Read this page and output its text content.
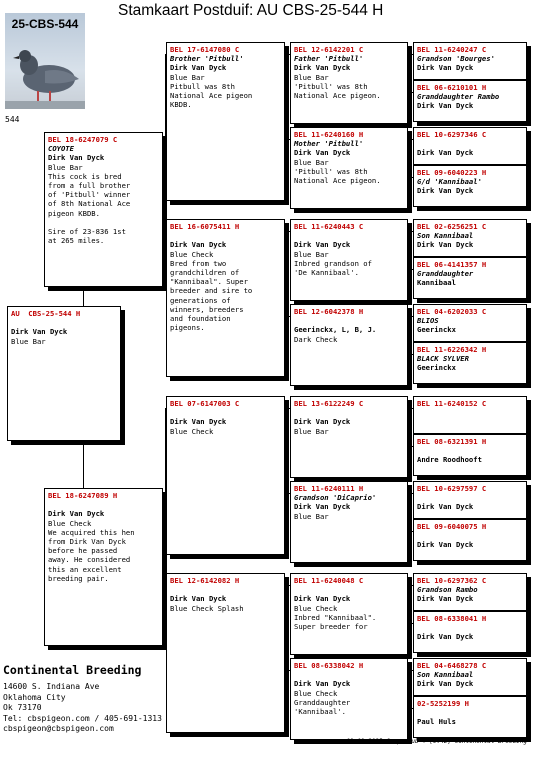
Stamkaart Postduif: AU CBS-25-544 H
25-CBS-544
544
AU  CBS-25-544 H

Dirk Van Dyck
Blue Bar
BEL 18-6247079 C
COYOTE
Dirk Van Dyck
Blue Bar
This cock is bred
from a full brother
of 'Pitbull' winner
of 8th National Ace
pigeon KBDB.

Sire of 23-836 1st
at 265 miles.
BEL 18-6247089 H

Dirk Van Dyck
Blue Check
We acquired this hen
from Dirk Van Dyck
before he passed
away. He considered
this an excellent
breeding pair.
BEL 17-6147080 C
Brother 'Pitbull'
Dirk Van Dyck
Blue Bar
Pitbull was 8th
National Ace pigeon
KBDB.
BEL 16-6075411 H

Dirk Van Dyck
Blue Check
Bred from two
grandchildren of
"Kannibaal". Super
breeder and sire to
generations of
winners, breeders
and foundation
pigeons.
BEL 07-6147003 C

Dirk Van Dyck
Blue Check
BEL 12-6142082 H

Dirk Van Dyck
Blue Check Splash
BEL 12-6142201 C
Father 'Pitbull'
Dirk Van Dyck
Blue Bar
'Pitbull' was 8th
National Ace pigeon.
BEL 11-6240160 H
Mother 'Pitbull'
Dirk Van Dyck
Blue Bar
'Pitbull' was 8th
National Ace pigeon.
BEL 11-6240443 C

Dirk Van Dyck
Blue Bar
Inbred grandson of
'De Kannibaal'.
BEL 12-6042378 H

Geerinckx, L, B, J.
Dark Check
BEL 13-6122249 C

Dirk Van Dyck
Blue Bar
BEL 11-6240111 H
Grandson 'DiCaprio'
Dirk Van Dyck
Blue Bar
BEL 11-6240048 C

Dirk Van Dyck
Blue Check
Inbred "Kannibaal".
Super breeder for
BEL 08-6338042 H

Dirk Van Dyck
Blue Check
Granddaughter
'Kannibaal'.
BEL 11-6240247 C
Grandson 'Bourges'
Dirk Van Dyck
BEL 06-6210101 H
Granddaughter Rambo
Dirk Van Dyck
BEL 10-6297346 C

Dirk Van Dyck
BEL 09-6040223 H
G/d 'Kannibaal'
Dirk Van Dyck
BEL 02-6256251 C
Son Kannibaal
Dirk Van Dyck
BEL 06-4141357 H
Granddaughter
Kannibaal
BEL 04-6202033 C
BLIOS
Geerinckx
BEL 11-6226342 H
BLACK SYLVER
Geerinckx
BEL 11-6240152 C

BEL 08-6321391 H

Andre Roodhooft
BEL 10-6297597 C

Dirk Van Dyck
BEL 09-6040075 H

Dirk Van Dyck
BEL 10-6297362 C
Grandson Rambo
Dirk Van Dyck
BEL 08-6338041 H

Dirk Van Dyck
BEL 04-6468278 C
Son Kannibaal
Dirk Van Dyck
02-5252199 H

Paul Huls
Continental Breeding
14600 S. Indiana Ave
Oklahoma City
Ok 73170
Tel: cbspigeon.com / 405-691-1313
cbspigeon@cbspigeon.com
09-09-2025 Compuclub © [9.42] Continental Breeding
